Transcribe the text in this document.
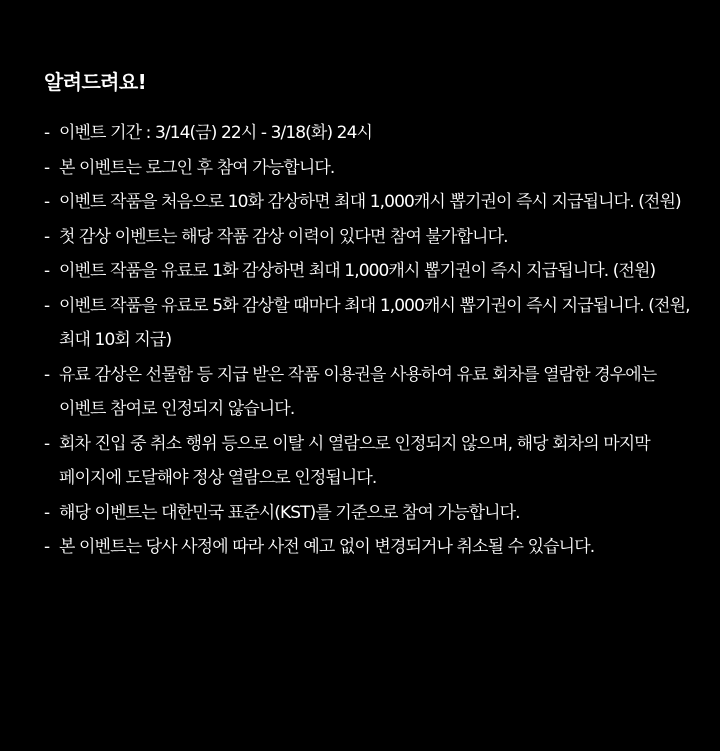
알려드려요!
- 이벤트 기간 : 3/14(금) 22시 - 3/18(화) 24시
- 본 이벤트는 로그인 후 참여 가능합니다.
- 이벤트 작품을 처음으로 10화 감상하면 최대 1,000캐시 뽑기권이 즉시 지급됩니다. (전원)
- 첫 감상 이벤트는 해당 작품 감상 이력이 있다면 참여 불가합니다.
- 이벤트 작품을 유료로 1화 감상하면 최대 1,000캐시 뽑기권이 즉시 지급됩니다. (전원)
- 이벤트 작품을 유료로 5화 감상할 때마다 최대 1,000캐시 뽑기권이 즉시 지급됩니다. (전원, 최대 10회 지급)
- 유료 감상은 선물함 등 지급 받은 작품 이용권을 사용하여 유료 회차를 열람한 경우에는 이벤트 참여로 인정되지 않습니다.
- 회차 진입 중 취소 행위 등으로 이탈 시 열람으로 인정되지 않으며, 해당 회차의 마지막 페이지에 도달해야 정상 열람으로 인정됩니다.
- 해당 이벤트는 대한민국 표준시(KST)를 기준으로 참여 가능합니다.
- 본 이벤트는 당사 사정에 따라 사전 예고 없이 변경되거나 취소될 수 있습니다.
